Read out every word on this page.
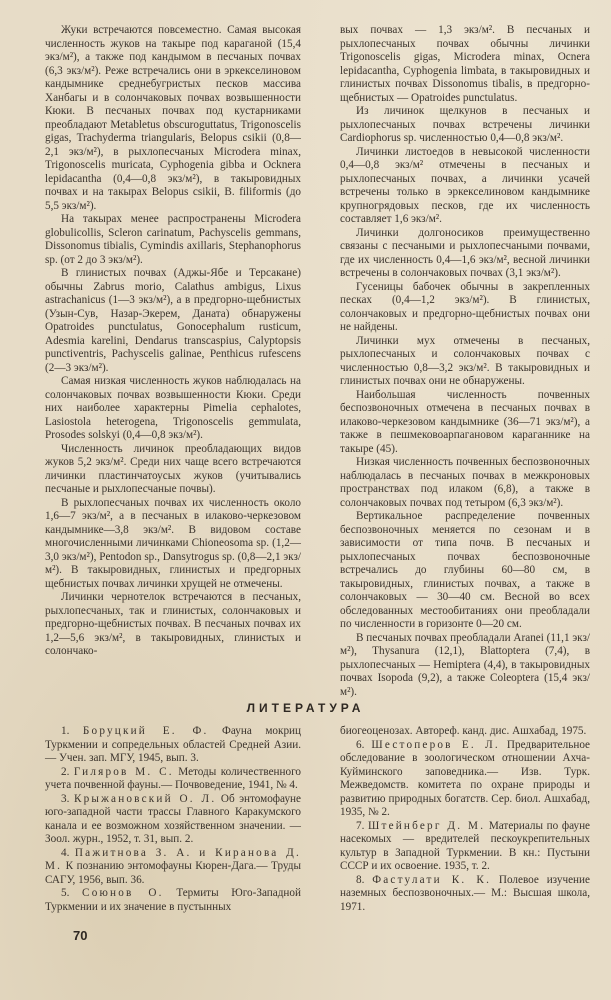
Жуки встречаются повсеместно. Самая высокая численность жуков на такыре под караганой (15,4 экз/м²), а также под кандымом в песчаных почвах (6,3 экз/м²). Реже встречались они в эркекселиновом кандымнике среднебугристых песков массива Ханбагы и в солончаковых почвах возвышенности Кюки. В песчаных почвах под кустарниками преобладают Metabletus obscuroguttatus, Trigonoscelis gigas, Trachyderma triangularis, Belopus csikii (0,8—2,1 экз/м²), в рыхлопесчаных Microdera minax, Trigonoscelis muricata, Cyphogenia gibba и Ocknera lepidacantha (0,4—0,8 экз/м²), в такыровидных почвах и на такырах Belopus csikii, B. filiformis (до 5,5 экз/м²).

На такырах менее распространены Microdera globulicollis, Scleron carinatum, Pachyscelis gemmans, Dissonomus tibialis, Cymindis axillaris, Stephanophorus sp. (от 2 до 3 экз/м²).

В глинистых почвах (Аджы-Ябе и Терсакане) обычны Zabrus morio, Calathus ambigus, Lixus astrachanicus (1—3 экз/м²), а в предгорно-щебнистых (Узын-Сув, Назар-Экерем, Даната) обнаружены Opatroides punctulatus, Gonocephalum rusticum, Adesmia karelini, Dendarus transcaspius, Calyptopsis punctiventris, Pachyscelis galinae, Penthicus rufescens (2—3 экз/м²).

Самая низкая численность жуков наблюдалась на солончаковых почвах возвышенности Кюки. Среди них наиболее характерны Pimelia cephalotes, Lasiostola heterogena, Trigonoscelis gemmulata, Prosodes solskyi (0,4—0,8 экз/м²).

Численность личинок преобладающих видов жуков 5,2 экз/м². Среди них чаще всего встречаются личинки пластинчатоусых жуков (учитывались песчаные и рыхлопесчаные почвы).

В рыхлопесчаных почвах их численность около 1,6—7 экз/м², а в песчаных в илаково-черкезовом кандымнике—3,8 экз/м². В видовом составе многочисленными личинками Chioneosoma sp. (1,2—3,0 экз/м²), Pentodon sp., Dansytrogus sp. (0,8—2,1 экз/м²). В такыровидных, глинистых и предгорных щебнистых почвах личинки хрущей не отмечены.

Личинки чернотелок встречаются в песчаных, рыхлопесчаных, так и глинистых, солончаковых и предгорно-щебнистых почвах. В песчаных почвах их 1,2—5,6 экз/м², в такыровидных, глинистых и солончако-

вых почвах — 1,3 экз/м². В песчаных и рыхлопесчаных почвах обычны личинки Trigonoscelis gigas, Microdera minax, Ocnera lepidacantha, Cyphogenia limbata, в такыровидных и глинистых почвах Dissonomus tibalis, в предгорно-щебнистых — Opatroides punctulatus.

Из личинок щелкунов в песчаных и рыхлопесчаных почвах встречены личинки Cardiophorus sp. численностью 0,4—0,8 экз/м².

Личинки листоедов в невысокой численности 0,4—0,8 экз/м² отмечены в песчаных и рыхлопесчаных почвах, а личинки усачей встречены только в эркекселиновом кандымнике крупногрядовых песков, где их численность составляет 1,6 экз/м².

Личинки долгоносиков преимущественно связаны с песчаными и рыхлопесчаными почвами, где их численность 0,4—1,6 экз/м², весной личинки встречены в солончаковых почвах (3,1 экз/м²).

Гусеницы бабочек обычны в закрепленных песках (0,4—1,2 экз/м²). В глинистых, солончаковых и предгорно-щебнистых почвах они не найдены.

Личинки мух отмечены в песчаных, рыхлопесчаных и солончаковых почвах с численностью 0,8—3,2 экз/м². В такыровидных и глинистых почвах они не обнаружены.

Наибольшая численность почвенных беспозвоночных отмечена в песчаных почвах в илаково-черкезовом кандымнике (36—71 экз/м²), а также в пешмековоарпагановом караганнике на такыре (45).

Низкая численность почвенных беспозвоночных наблюдалась в песчаных почвах в межкроновых пространствах под илаком (6,8), а также в солончаковых почвах под тетыром (6,3 экз/м²).

Вертикальное распределение почвенных беспозвоночных меняется по сезонам и в зависимости от типа почв. В песчаных и рыхлопесчаных почвах беспозвоночные встречались до глубины 60—80 см, в такыровидных, глинистых почвах, а также в солончаковых — 30—40 см. Весной во всех обследованных местообитаниях они преобладали по численности в горизонте 0—20 см.

В песчаных почвах преобладали Aranei (11,1 экз/м²), Thysanura (12,1), Blattoptera (7,4), в рыхлопесчаных — Hemiptera (4,4), в такыровидных почвах Isopoda (9,2), а также Coleoptera (15,4 экз/м²).

ЛИТЕРАТУРА

1. Боруцкий Е. Ф. Фауна мокриц Туркмении и сопредельных областей Средней Азии.— Учен. зап. МГУ, 1945, вып. 3.

2. Гиляров М. С. Методы количественного учета почвенной фауны.— Почвоведение, 1941, № 4.

3. Крыжановский О. Л. Об энтомофауне юго-западной части трассы Главного Каракумского канала и ее возможном хозяйственном значении. — Зоол. журн., 1952, т. 31, вып. 2.

4. Пажитнова З. А. и Киранова Д. М. К познанию энтомофауны Кюрен-Дага.— Труды САГУ, 1956, вып. 36.

5. Союнов О. Термиты Юго-Западной Туркмении и их значение в пустынных

биогеоценозах. Автореф. канд. дис. Ашхабад, 1975.

6. Шестоперов Е. Л. Предварительное обследование в зоологическом отношении Ахча-Куйминского заповедника.— Изв. Турк. Межведомств. комитета по охране природы и развитию природных богатств. Сер. биол. Ашхабад, 1935, № 2.

7. Штейнберг Д. М. Материалы по фауне насекомых — вредителей пескоукрепительных культур в Западной Туркмении. В кн.: Пустыни СССР и их освоение. 1935, т. 2.

8. Фастулати К. К. Полевое изучение наземных беспозвоночных.— М.: Высшая школа, 1971.

70
